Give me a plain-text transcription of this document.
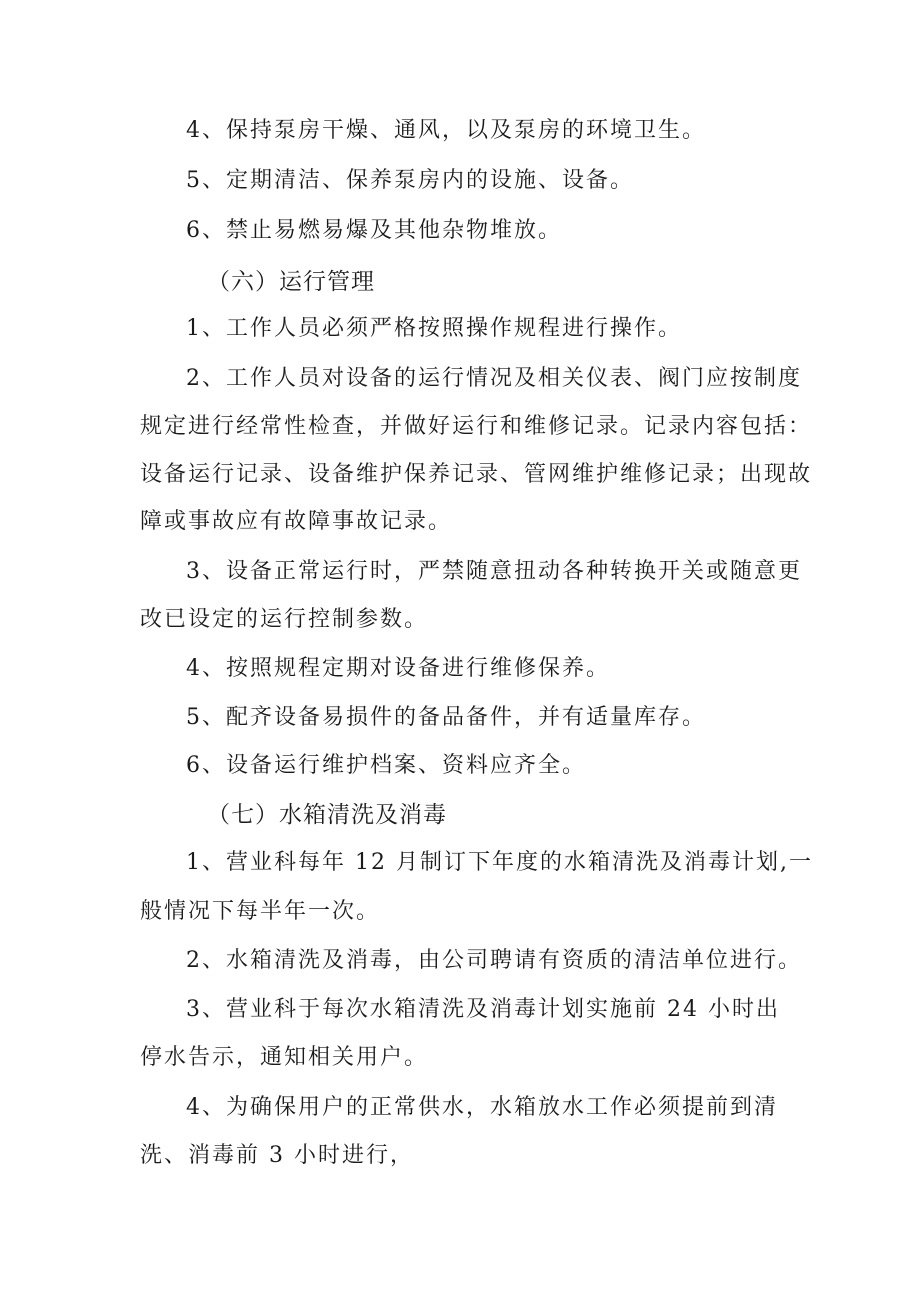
4、保持泵房干燥、通风，以及泵房的环境卫生。
5、定期清洁、保养泵房内的设施、设备。
6、禁止易燃易爆及其他杂物堆放。
（六）运行管理
1、工作人员必须严格按照操作规程进行操作。
2、工作人员对设备的运行情况及相关仪表、阀门应按制度
规定进行经常性检查，并做好运行和维修记录。记录内容包括：
设备运行记录、设备维护保养记录、管网维护维修记录；出现故
障或事故应有故障事故记录。
3、设备正常运行时，严禁随意扭动各种转换开关或随意更
改已设定的运行控制参数。
4、按照规程定期对设备进行维修保养。
5、配齐设备易损件的备品备件，并有适量库存。
6、设备运行维护档案、资料应齐全。
（七）水箱清洗及消毒
1、营业科每年 12 月制订下年度的水箱清洗及消毒计划,一
般情况下每半年一次。
2、水箱清洗及消毒，由公司聘请有资质的清洁单位进行。
3、营业科于每次水箱清洗及消毒计划实施前 24 小时出
停水告示，通知相关用户。
4、为确保用户的正常供水，水箱放水工作必须提前到清
洗、消毒前 3 小时进行，
